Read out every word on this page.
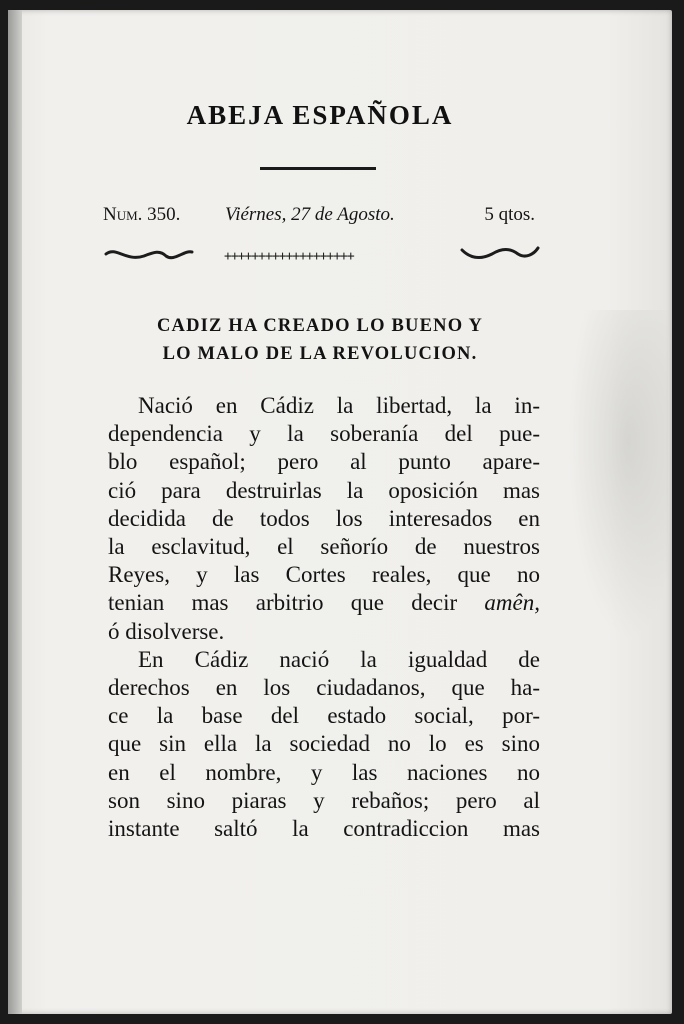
ABEJA ESPAÑOLA
Num. 350. Viérnes, 27 de Agosto.	5 qtos.
+++++++++++++++++++
CADIZ HA CREADO LO BUENO Y
LO MALO DE LA REVOLUCION.
Nació en Cádiz la libertad, la in-
dependencia y la soberanía del pue-
blo español; pero al punto apare-
ció para destruirlas la oposición mas
decidida de todos los interesados en
la esclavitud, el señorío de nuestros
Reyes, y las Cortes reales, que no
tenian mas arbitrio que decir amên,
ó disolverse.
En Cádiz nació la igualdad de
derechos en los ciudadanos, que ha-
ce la base del estado social, por-
que sin ella la sociedad no lo es sino
en el nombre, y las naciones no
son sino piaras y rebaños; pero al
instante saltó la contradiccion mas
